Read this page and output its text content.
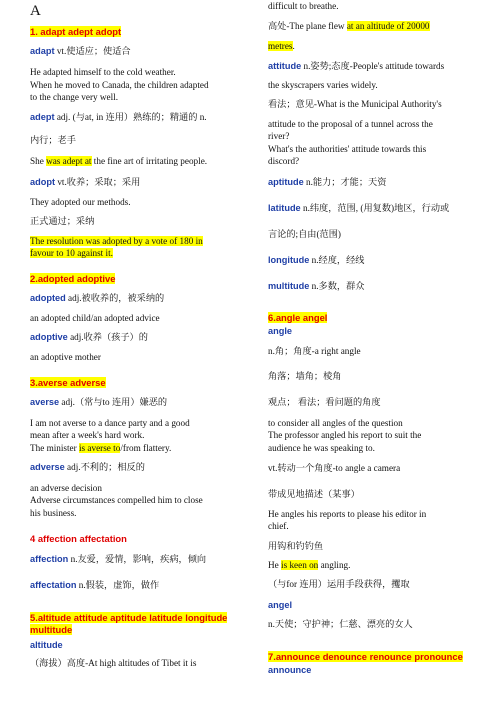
A
1. adapt adept adopt
adapt vt.使适应；使适合
He adapted himself to the cold weather.
When he moved to Canada, the children adapted
to the change very well.
adept adj. (与at, in 连用）熟练的；精通的 n.
内行；老手
She was adept at the fine art of irritating people.
adopt vt.收养；采取；采用
They adopted our methods.
正式通过；采纳
The resolution was adopted by a vote of 180 in
favour to 10 against it.
2.adopted adoptive
adopted adj.被收养的，被采纳的
an adopted child/an adopted advice
adoptive adj.收养（孩子）的
an adoptive mother
3.averse adverse
averse adj.（常与to 连用）嫌恶的
I am not averse to a dance party and a good
mean after a week's hard work.
The minister is averse to/from flattery.
adverse adj.不利的；相反的
an adverse decision
Adverse circumstances compelled him to close
his business.
4 affection affectation
affection n.友爱，爱情，影响，疾病，倾向
affectation n.假装，虚饰，做作
5.altitude attitude aptitude latitude longitude
multitude
altitude
（海拔）高度-At high altitudes of Tibet it is
difficult to breathe.
高处-The plane flew at an altitude of 20000
metres.
attitude n.姿势;态度-People's attitude towards
the skyscrapers varies widely.
看法；意见-What is the Municipal Authority's
attitude to the proposal of a tunnel across the
river?
What's the authorities' attitude towards this
discord?
aptitude n.能力；才能；天资
latitude n.纬度，范围, (用复数)地区，行动或
言论的;自由(范围)
longitude n.经度，经线
multitude n.多数，群众
6.angle angel
angle
n.角；角度-a right angle
角落；墙角；棱角
观点； 看法；看问题的角度
to consider all angles of the question
The professor angled his report to suit the
audience he was speaking to.
vt.转动一个角度-to angle a camera
带成见地描述（某事）
He angles his reports to please his editor in
chief.
用钩和钓钓鱼
He is keen on angling.
（与for 连用）运用手段获得，攫取
angel
n.天使；守护神；仁慈、漂亮的女人
7.announce denounce renounce pronounce
announce
